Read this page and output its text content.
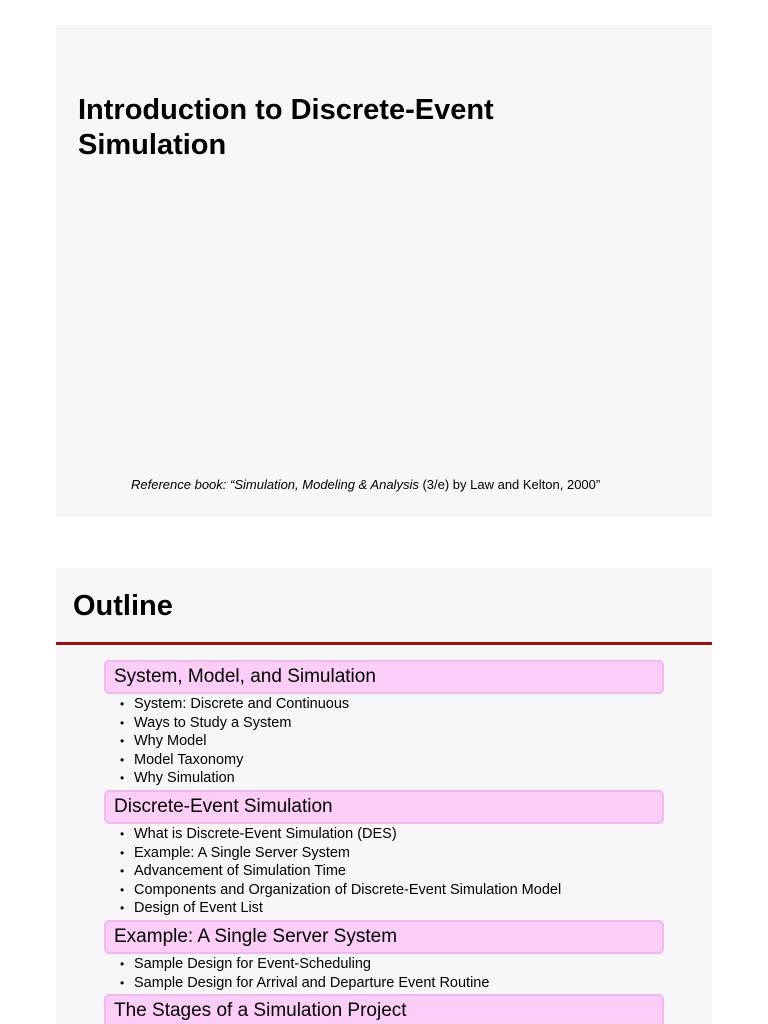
Introduction to Discrete-Event Simulation
Reference book: “Simulation, Modeling & Analysis (3/e) by Law and Kelton, 2000”
Outline
System, Model, and Simulation
• System: Discrete and Continuous
• Ways to Study a System
• Why Model
• Model Taxonomy
• Why Simulation
Discrete-Event Simulation
• What is Discrete-Event Simulation (DES)
• Example: A Single Server System
• Advancement of Simulation Time
• Components and Organization of Discrete-Event Simulation Model
• Design of Event List
Example: A Single Server System
• Sample Design for Event-Scheduling
• Sample Design for Arrival and Departure Event Routine
The Stages of a Simulation Project
